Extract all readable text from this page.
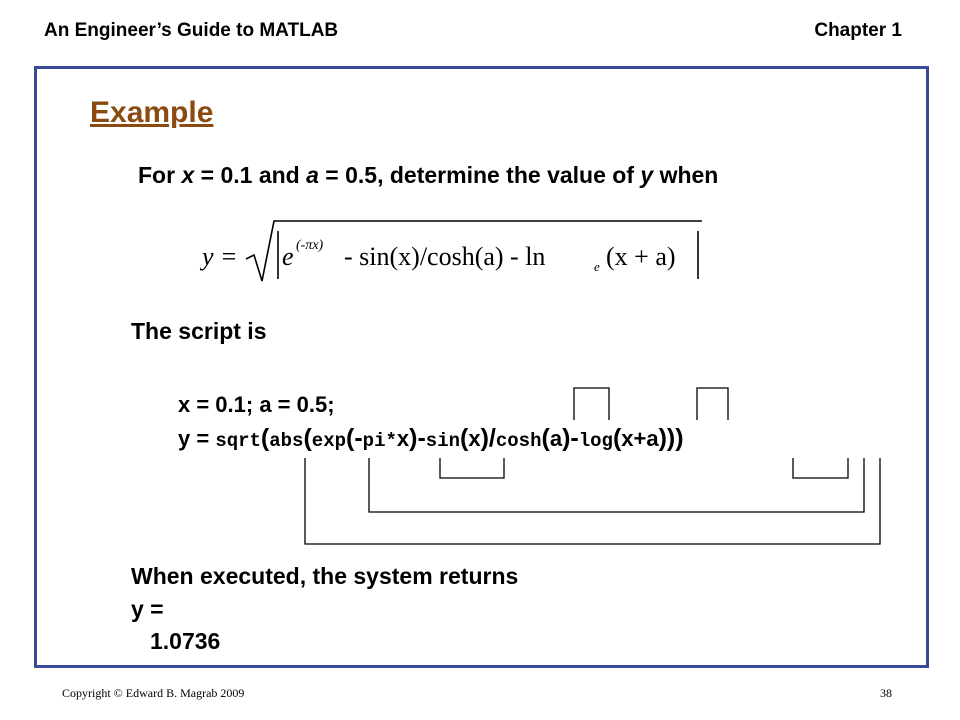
An Engineer’s Guide to MATLAB	Chapter 1
Example
For x = 0.1 and a = 0.5, determine the value of y when
y = e (-πx) - sin(x)/cosh(a) - ln	e (x + a)
The script is
x = 0.1; a = 0.5;
y = sqrt(abs(exp(-pi*x)-sin(x)/cosh(a)-log(x+a)))
When executed, the system returns
y =
1.0736
Copyright © Edward B. Magrab 2009	38
